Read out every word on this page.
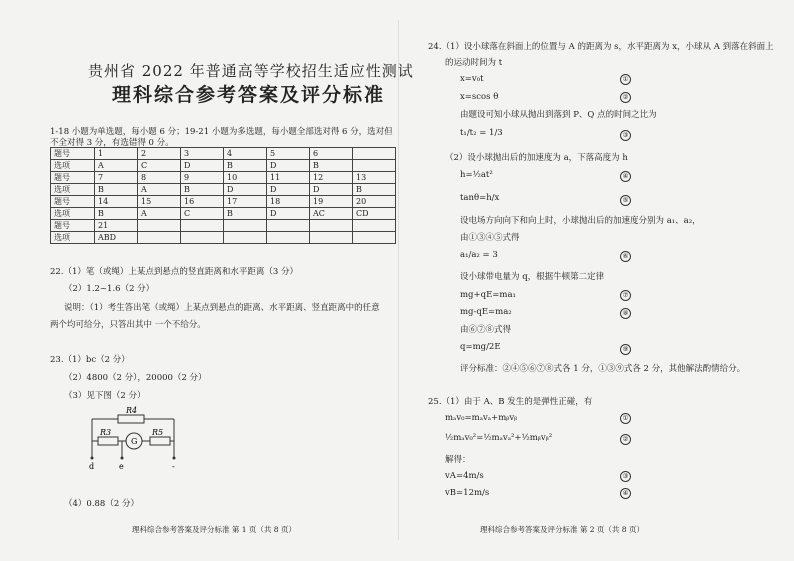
贵州省 2022 年普通高等学校招生适应性测试
理科综合参考答案及评分标准
1-18 小题为单选题，每小题 6 分；19-21 小题为多选题，每小题全部选对得 6 分，选对但
不全对得 3 分，有选错得 0 分。
题号	1	2	3	4	5	6	
选项	A	C	D	B	D	B	
题号	7	8	9	10	11	12	13
选项	B	A	B	D	D	D	B
题号	14	15	16	17	18	19	20
选项	B	A	C	B	D	AC	CD
题号	21						
选项	ABD						
22.（1）笔（或绳）上某点到悬点的竖直距离和水平距离（3 分）
（2）1.2~1.6（2 分）
说明：（1）考生答出笔（或绳）上某点到悬点的距离、水平距离、竖直距离中的任意
两个均可给分，只答出其中 一个不给分。
23.（1）bc（2 分）
（2）4800（2 分），20000（2 分）
（3）见下图（2 分）
R4
R3	R5
G
d	e	-
（4）0.88（2 分）
理科综合参考答案及评分标准 第 1 页（共 8 页）
24.（1）设小球落在斜面上的位置与 A 的距离为 s，水平距离为 x，小球从 A 到落在斜面上
的运动时间为 t
x=v₀t	①
x=scos θ	②
由题设可知小球从抛出到落到 P、Q 点的时间之比为
t₁/t₂ = 1/3	③
（2）设小球抛出后的加速度为 a，下落高度为 h
h=½at²	④
tanθ=h/x	⑤
设电场方向向下和向上时，小球抛出后的加速度分别为 a₁、a₂，
由①③④⑤式得
a₁/a₂ = 3	⑥
设小球带电量为 q，根据牛顿第二定律
mg+qE=ma₁	⑦
mg-qE=ma₂	⑧
由⑥⑦⑧式得
q=mg/2E	⑨
评分标准：②④⑤⑥⑦⑧式各 1 分，①③⑨式各 2 分，其他解法酌情给分。
25.（1）由于 A、B 发生的是弹性正碰，有
mₐv₀=mₐvₐ+mᵦvᵦ	①
½mₐv₀²=½mₐvₐ²+½mᵦvᵦ²	②
解得：
vA=4m/s	③
vB=12m/s	④
理科综合参考答案及评分标准 第 2 页（共 8 页）
